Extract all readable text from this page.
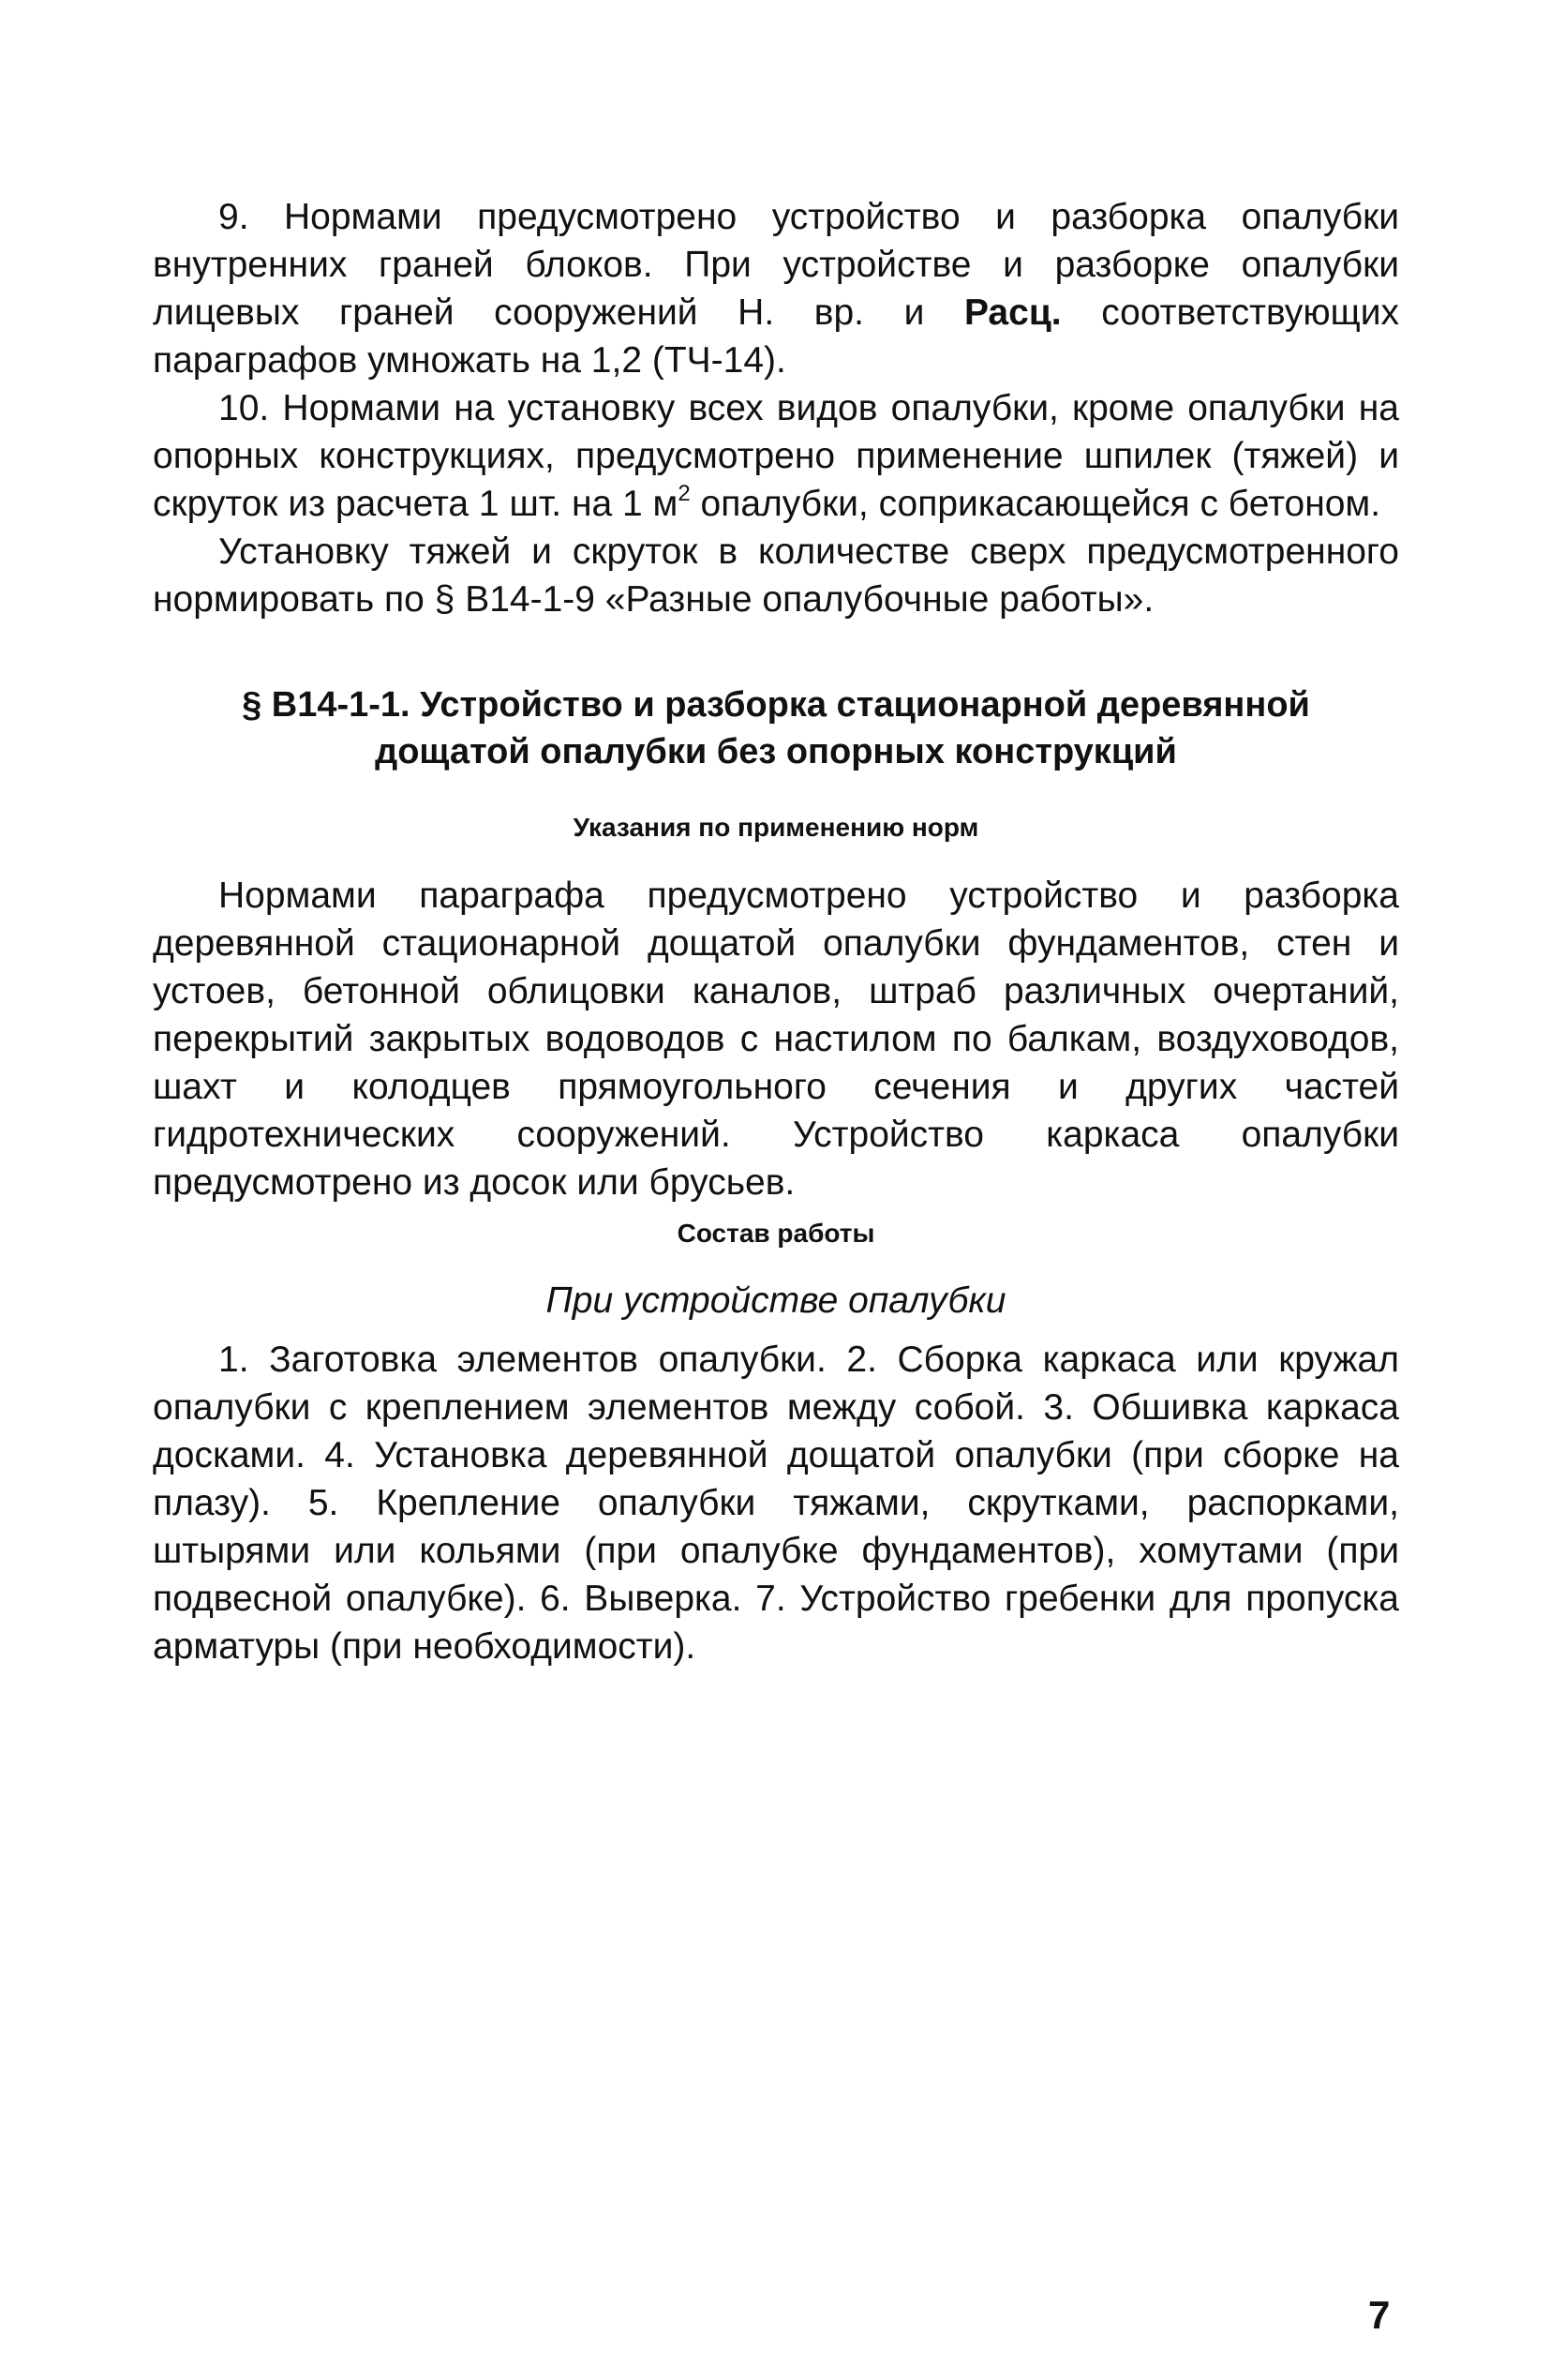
9. Нормами предусмотрено устройство и разборка опалубки внутренних граней блоков. При устройстве и разборке опалубки лицевых граней сооружений Н. вр. и Расц. соответствующих параграфов умножать на 1,2 (ТЧ-14).

10. Нормами на установку всех видов опалубки, кроме опалубки на опорных конструкциях, предусмотрено применение шпилек (тяжей) и скруток из расчета 1 шт. на 1 $м^2$ опалубки, соприкасающейся с бетоном.

Установку тяжей и скруток в количестве сверх предусмотренного нормировать по § В14-1-9 «Разные опалубочные работы».

§ В14-1-1. Устройство и разборка стационарной деревянной
дощатой опалубки без опорных конструкций

Указания по применению норм

Нормами параграфа предусмотрено устройство и разборка деревянной стационарной дощатой опалубки фундаментов, стен и устоев, бетонной облицовки каналов, штраб различных очертаний, перекрытий закрытых водоводов с настилом по балкам, воздуховодов, шахт и колодцев прямоугольного сечения и других частей гидротехнических сооружений. Устройство каркаса опалубки предусмотрено из досок или брусьев.

Состав работы

При устройстве опалубки

1. Заготовка элементов опалубки. 2. Сборка каркаса или кружал опалубки с креплением элементов между собой. 3. Обшивка каркаса досками. 4. Установка деревянной дощатой опалубки (при сборке на плазу). 5. Крепление опалубки тяжами, скрутками, распорками, штырями или кольями (при опалубке фундаментов), хомутами (при подвесной опалубке). 6. Выверка. 7. Устройство гребенки для пропуска арматуры (при необходимости).

7
